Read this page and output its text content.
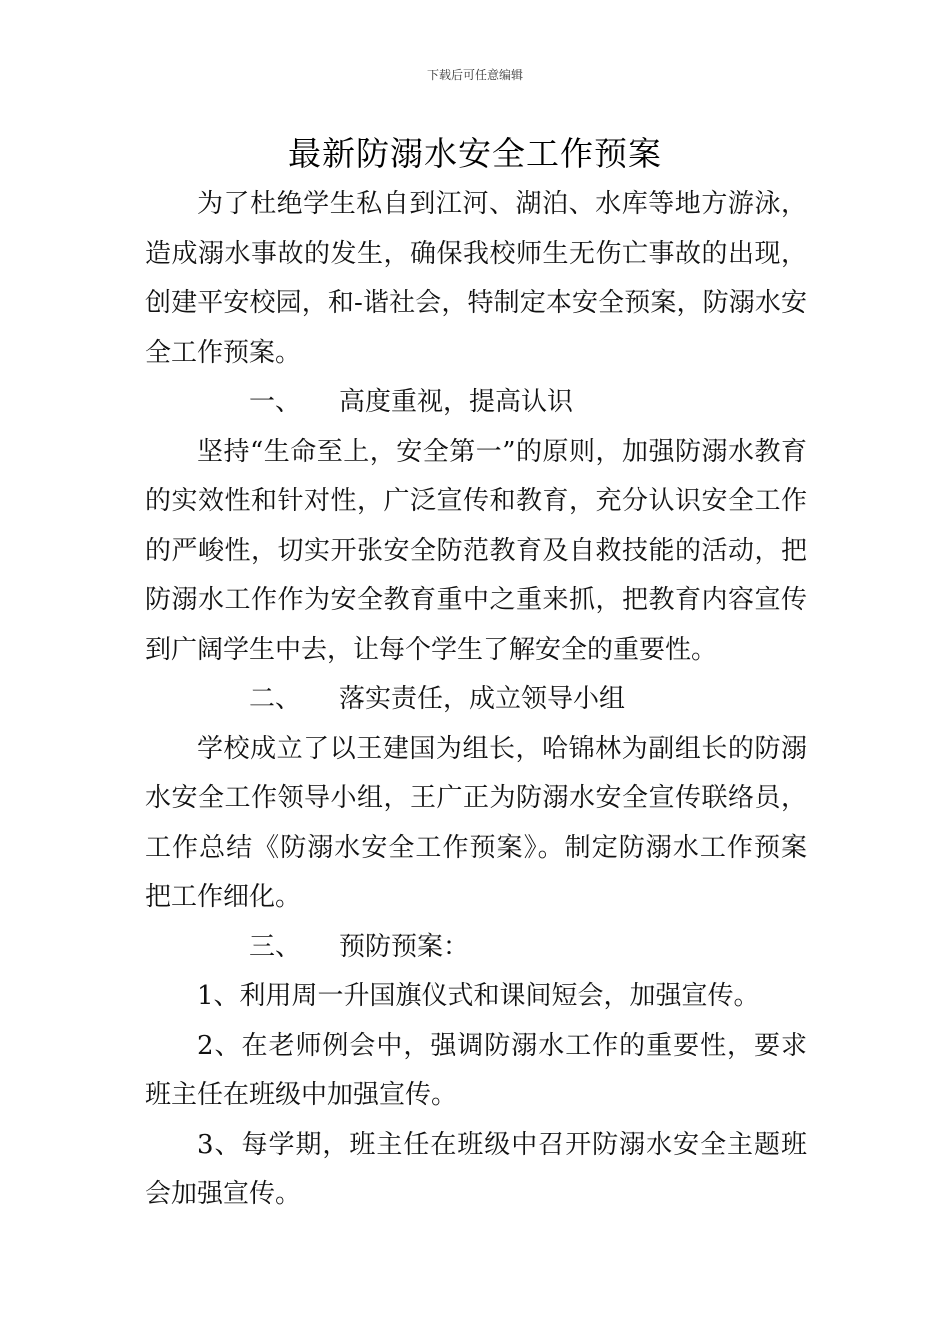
下载后可任意编辑
最新防溺水安全工作预案

为了杜绝学生私自到江河、湖泊、水库等地方游泳，造成溺水事故的发生，确保我校师生无伤亡事故的出现，创建平安校园，和-谐社会，特制定本安全预案，防溺水安全工作预案。

一、 高度重视，提高认识

坚持“生命至上，安全第一”的原则，加强防溺水教育的实效性和针对性，广泛宣传和教育，充分认识安全工作的严峻性，切实开张安全防范教育及自救技能的活动，把防溺水工作作为安全教育重中之重来抓，把教育内容宣传到广阔学生中去，让每个学生了解安全的重要性。

二、 落实责任，成立领导小组

学校成立了以王建国为组长，哈锦林为副组长的防溺水安全工作领导小组，王广正为防溺水安全宣传联络员，工作总结《防溺水安全工作预案》。制定防溺水工作预案把工作细化。

三、 预防预案：

1、利用周一升国旗仪式和课间短会，加强宣传。

2、在老师例会中，强调防溺水工作的重要性，要求班主任在班级中加强宣传。

3、每学期，班主任在班级中召开防溺水安全主题班会加强宣传。
